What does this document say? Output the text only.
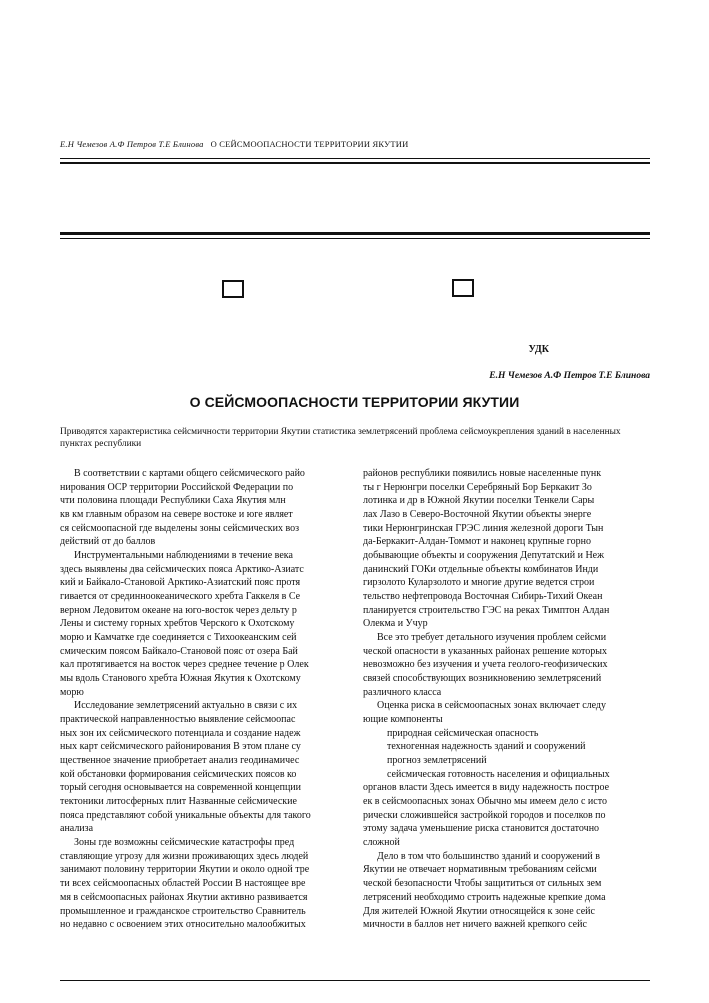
Е.Н Чемезов А.Ф Петров Т.Е Блинова О СЕЙСМООПАСНОСТИ ТЕРРИТОРИИ ЯКУТИИ
УДК
Е.Н Чемезов А.Ф Петров Т.Е Блинова
О СЕЙСМООПАСНОСТИ ТЕРРИТОРИИ ЯКУТИИ
Приводятся характеристика сейсмичности территории Якутии статистика землетрясений проблема сейсмоукрепления зданий в населенных пунктах республики
В соответствии с картами общего сейсмического райо
нирования ОСР территории Российской Федерации по
чти половина площади Республики Саха Якутия млн
кв км главным образом на севере востоке и юге являет
ся сейсмоопасной где выделены зоны сейсмических воз
действий от до баллов
Инструментальными наблюдениями в течение века
здесь выявлены два сейсмических пояса Арктико-Азиатс
кий и Байкало-Становой Арктико-Азиатский пояс протя
гивается от срединноокеанического хребта Гаккеля в Се
верном Ледовитом океане на юго-восток через дельту р
Лены и систему горных хребтов Черского к Охотскому
морю и Камчатке где соединяется с Тихоокеанским сей
смическим поясом Байкало-Становой пояс от озера Бай
кал протягивается на восток через среднее течение р Олек
мы вдоль Станового хребта Южная Якутия к Охотскому
морю
Исследование землетрясений актуально в связи с их
практической направленностью выявление сейсмоопас
ных зон их сейсмического потенциала и создание надеж
ных карт сейсмического районирования В этом плане су
щественное значение приобретает анализ геодинамичес
кой обстановки формирования сейсмических поясов ко
торый сегодня основывается на современной концепции
тектоники литосферных плит Названные сейсмические
пояса представляют собой уникальные объекты для такого
анализа
Зоны где возможны сейсмические катастрофы пред
ставляющие угрозу для жизни проживающих здесь людей
занимают половину территории Якутии и около одной тре
ти всех сейсмоопасных областей России В настоящее вре
мя в сейсмоопасных районах Якутии активно развивается
промышленное и гражданское строительство Сравнитель
но недавно с освоением этих относительно малообжитых
районов республики появились новые населенные пунк
ты г Нерюнгри поселки Серебряный Бор Беркакит Зо
лотинка и др в Южной Якутии поселки Тенкели Сары
лах Лазо в Северо-Восточной Якутии объекты энерге
тики Нерюнгринская ГРЭС линия железной дороги Тын
да-Беркакит-Алдан-Томмот и наконец крупные горно
добывающие объекты и сооружения Депутатский и Неж
данинский ГОКи отдельные объекты комбинатов Инди
гирзолото Куларзолото и многие другие ведется строи
тельство нефтепровода Восточная Сибирь-Тихий Океан
планируется строительство ГЭС на реках Тимптон Алдан
Олекма и Учур
Все это требует детального изучения проблем сейсми
ческой опасности в указанных районах решение которых
невозможно без изучения и учета геолого-геофизических
связей способствующих возникновению землетрясений
различного класса
Оценка риска в сейсмоопасных зонах включает следу
ющие компоненты
природная сейсмическая опасность
техногенная надежность зданий и сооружений
прогноз землетрясений
сейсмическая готовность населения и официальных
органов власти Здесь имеется в виду надежность построе
ек в сейсмоопасных зонах Обычно мы имеем дело с исто
рически сложившейся застройкой городов и поселков по
этому задача уменьшение риска становится достаточно
сложной
Дело в том что большинство зданий и сооружений в
Якутии не отвечает нормативным требованиям сейсми
ческой безопасности Чтобы защититься от сильных зем
летрясений необходимо строить надежные крепкие дома
Для жителей Южной Якутии относящейся к зоне сейс
мичности в баллов нет ничего важней крепкого сейс
